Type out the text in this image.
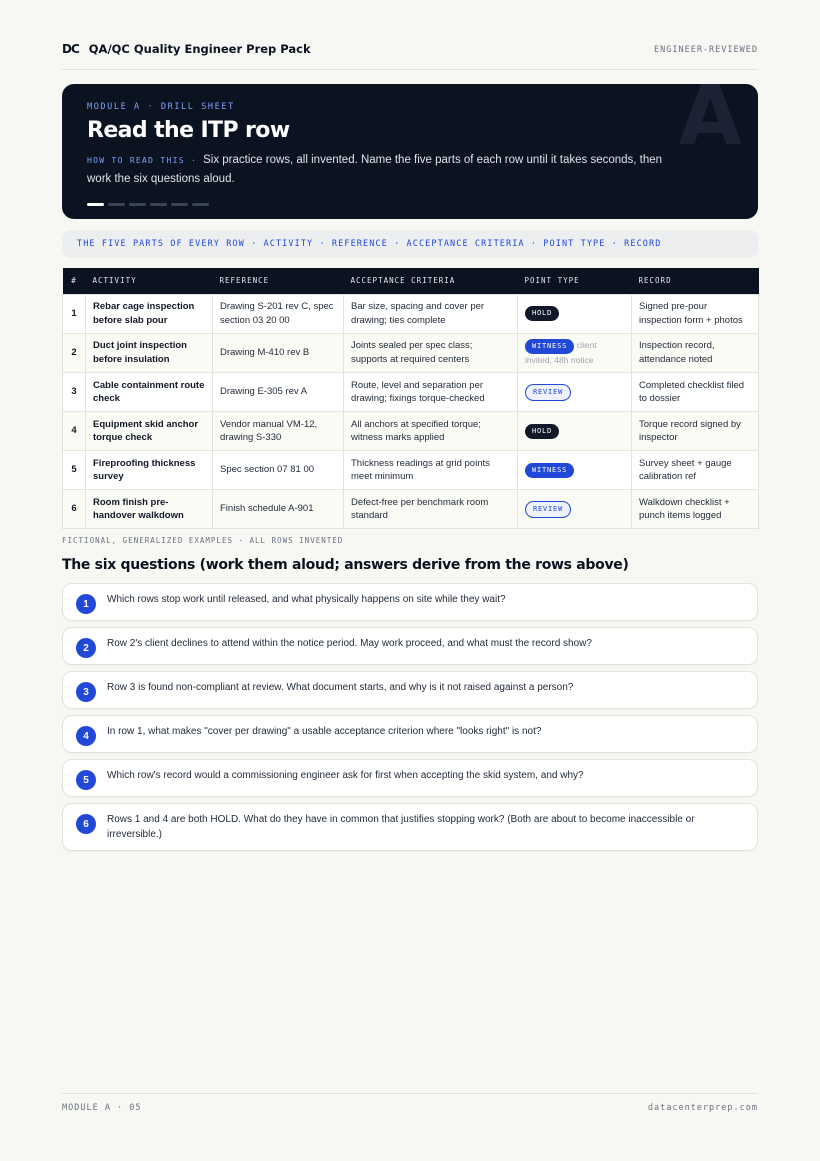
DC QA/QC Quality Engineer Prep Pack	ENGINEER-REVIEWED
A
MODULE A · DRILL SHEET
Read the ITP row
HOW TO READ THIS · Six practice rows, all invented. Name the five parts of each row until it takes seconds, then work the six questions aloud.
THE FIVE PARTS OF EVERY ROW · ACTIVITY · REFERENCE · ACCEPTANCE CRITERIA · POINT TYPE · RECORD
#	ACTIVITY	REFERENCE	ACCEPTANCE CRITERIA	POINT TYPE	RECORD
1	Rebar cage inspection before slab pour	Drawing S-201 rev C, spec section 03 20 00	Bar size, spacing and cover per drawing; ties complete	HOLD	Signed pre-pour inspection form + photos
2	Duct joint inspection before insulation	Drawing M-410 rev B	Joints sealed per spec class; supports at required centers	WITNESS client invited, 48h notice	Inspection record, attendance noted
3	Cable containment route check	Drawing E-305 rev A	Route, level and separation per drawing; fixings torque-checked	REVIEW	Completed checklist filed to dossier
4	Equipment skid anchor torque check	Vendor manual VM-12, drawing S-330	All anchors at specified torque; witness marks applied	HOLD	Torque record signed by inspector
5	Fireproofing thickness survey	Spec section 07 81 00	Thickness readings at grid points meet minimum	WITNESS	Survey sheet + gauge calibration ref
6	Room finish pre-handover walkdown	Finish schedule A-901	Defect-free per benchmark room standard	REVIEW	Walkdown checklist + punch items logged
FICTIONAL, GENERALIZED EXAMPLES · ALL ROWS INVENTED
The six questions (work them aloud; answers derive from the rows above)
1	Which rows stop work until released, and what physically happens on site while they wait?
2	Row 2's client declines to attend within the notice period. May work proceed, and what must the record show?
3	Row 3 is found non-compliant at review. What document starts, and why is it not raised against a person?
4	In row 1, what makes "cover per drawing" a usable acceptance criterion where "looks right" is not?
5	Which row's record would a commissioning engineer ask for first when accepting the skid system, and why?
6	Rows 1 and 4 are both HOLD. What do they have in common that justifies stopping work? (Both are about to become inaccessible or irreversible.)
MODULE A · 05	datacenterprep.com
